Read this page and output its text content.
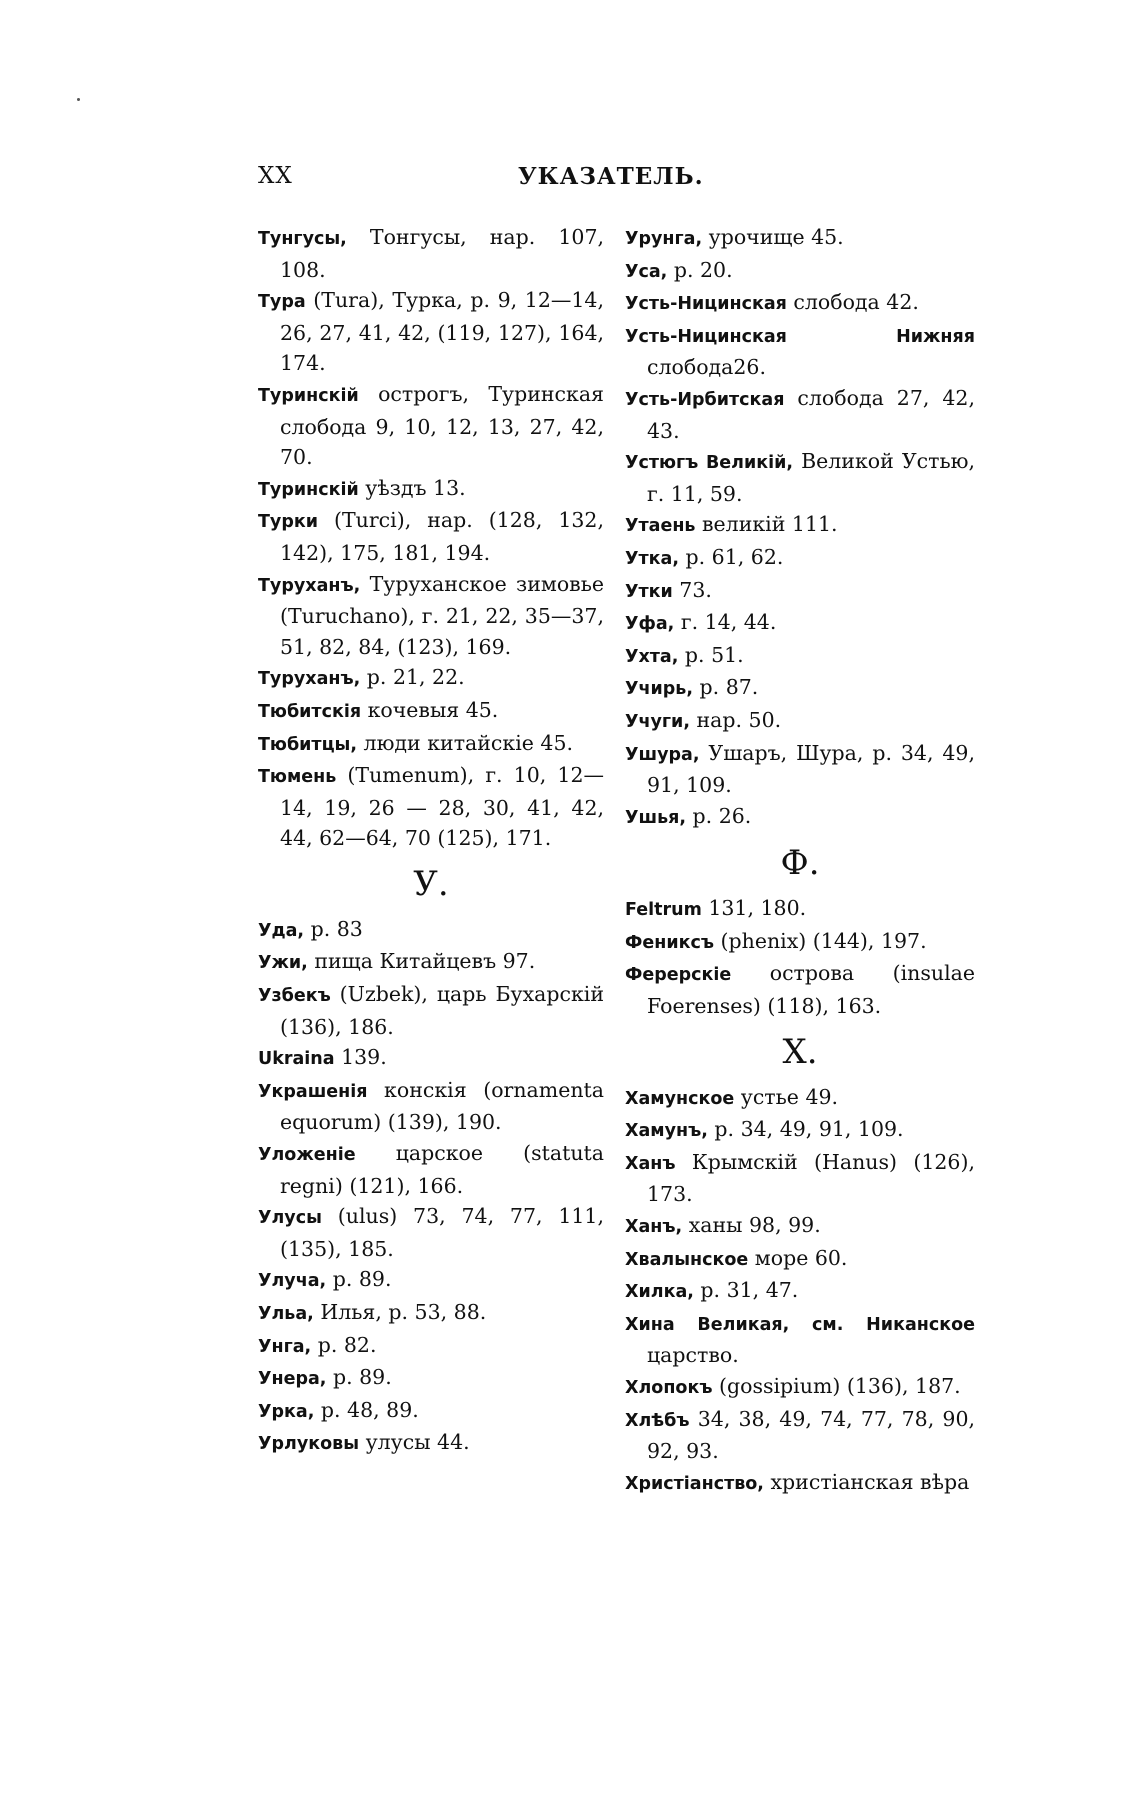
XX	УКАЗАТЕЛЬ.

Тунгусы, Тонгусы, нар. 107, 108.

Тура (Tura), Турка, р. 9, 12—14, 26, 27, 41, 42, (119, 127), 164, 174.

Туринскій острогъ, Туринская слобода 9, 10, 12, 13, 27, 42, 70.

Туринскій уѣздъ 13.

Турки (Turci), нар. (128, 132, 142), 175, 181, 194.

Туруханъ, Туруханское зимовье (Turuchano), г. 21, 22, 35—37, 51, 82, 84, (123), 169.

Туруханъ, р. 21, 22.

Тюбитскія кочевыя 45.

Тюбитцы, люди китайскіе 45.

Тюмень (Tumenum), г. 10, 12—14, 19, 26 — 28, 30, 41, 42, 44, 62—64, 70 (125), 171.

У.

Уда, р. 83

Ужи, пища Китайцевъ 97.

Узбекъ (Uzbek), царь Бухарскій (136), 186.

Ukraina 139.

Украшенія конскія (ornamenta equorum) (139), 190.

Уложеніе царское (statuta regni) (121), 166.

Улусы (ulus) 73, 74, 77, 111, (135), 185.

Улуча, р. 89.

Ульа, Илья, р. 53, 88.

Унга, р. 82.

Унера, р. 89.

Урка, р. 48, 89.

Урлуковы улусы 44.

Урунга, урочище 45.

Уса, р. 20.

Усть-Ницинская слобода 42.

Усть-Ницинская Нижняя слобода26.

Усть-Ирбитская слобода 27, 42, 43.

Устюгъ Великій, Великой Устью, г. 11, 59.

Утаень великій 111.

Утка, р. 61, 62.

Утки 73.

Уфа, г. 14, 44.

Ухта, р. 51.

Учирь, р. 87.

Учуги, нар. 50.

Ушура, Ушаръ, Шура, р. 34, 49, 91, 109.

Ушья, р. 26.

Ф.

Feltrum 131, 180.

Фениксъ (phenix) (144), 197.

Ферерскіе острова (insulae Foerenses) (118), 163.

Х.

Хамунское устье 49.

Хамунъ, р. 34, 49, 91, 109.

Ханъ Крымскій (Hanus) (126), 173.

Ханъ, ханы 98, 99.

Хвалынское море 60.

Хилка, р. 31, 47.

Хина Великая, см. Никанское царство.

Хлопокъ (gossipium) (136), 187.

Хлѣбъ 34, 38, 49, 74, 77, 78, 90, 92, 93.

Христіанство, христіанская вѣра
